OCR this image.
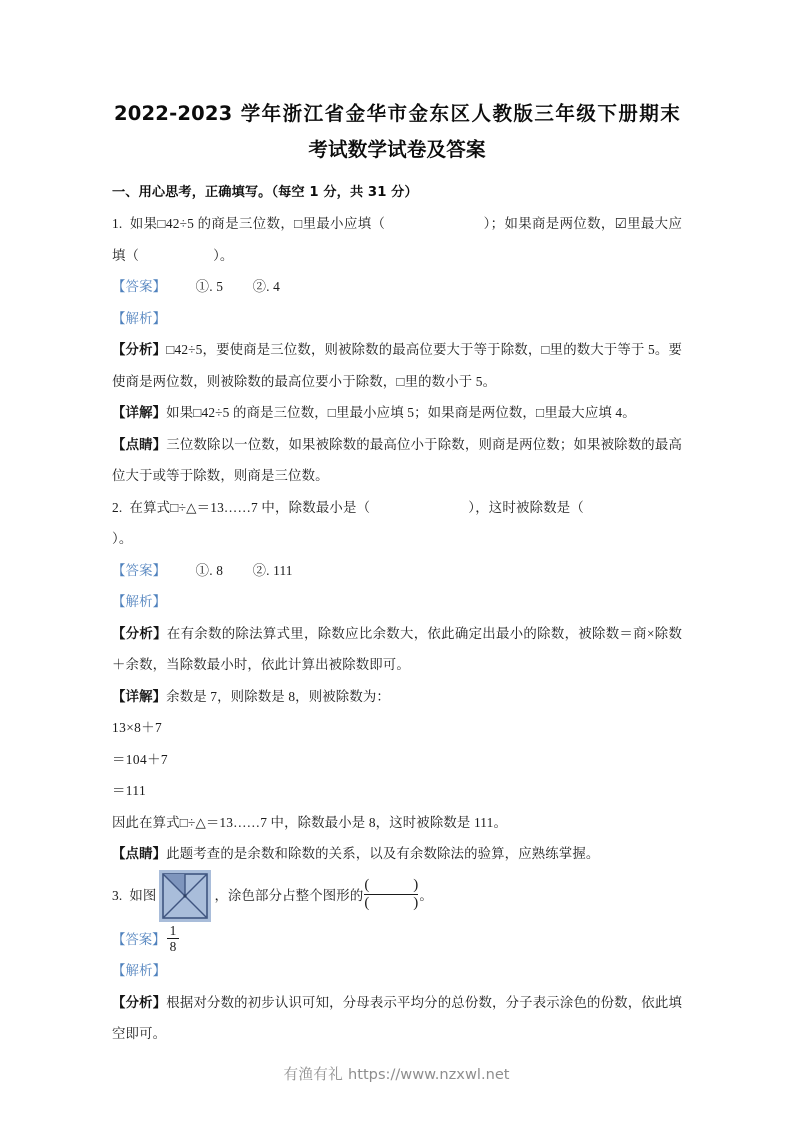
2022-2023 学年浙江省金华市金东区人教版三年级下册期末
考试数学试卷及答案
一、用心思考，正确填写。（每空 1 分，共 31 分）

1. 如果□42÷5 的商是三位数，□里最小应填（	）；如果商是两位数，☑里最大应 填（	）。

【答案】 ①. 5 ②. 4

【解析】

【分析】□42÷5，要使商是三位数，则被除数的最高位要大于等于除数，□里的数大于等于 5。要使商是两位数，则被除数的最高位要小于除数，□里的数小于 5。

【详解】如果□42÷5 的商是三位数，□里最小应填 5；如果商是两位数，□里最大应填 4。

【点睛】三位数除以一位数，如果被除数的最高位小于除数，则商是两位数；如果被除数的最高位大于或等于除数，则商是三位数。

2. 在算式□÷△＝13……7 中，除数最小是（	），这时被除数是（）。

【答案】 ①. 8 ②. 111

【解析】

【分析】在有余数的除法算式里，除数应比余数大，依此确定出最小的除数，被除数＝商×除数＋余数，当除数最小时，依此计算出被除数即可。

【详解】余数是 7，则除数是 8，则被除数为：

13×8＋7

＝104＋7

＝111

因此在算式□÷△＝13……7 中，除数最小是 8，这时被除数是 111。

【点睛】此题考查的是余数和除数的关系，以及有余数除法的验算，应熟练掌握。

3. 如图	，涂色部分占整个图形的
(	)
(	) 。

【答案】 $\frac{1}{8}$

【解析】

【分析】根据对分数的初步认识可知，分母表示平均分的总份数，分子表示涂色的份数，依此填空即可。

有渔有礼 https://www.nzxwl.net
